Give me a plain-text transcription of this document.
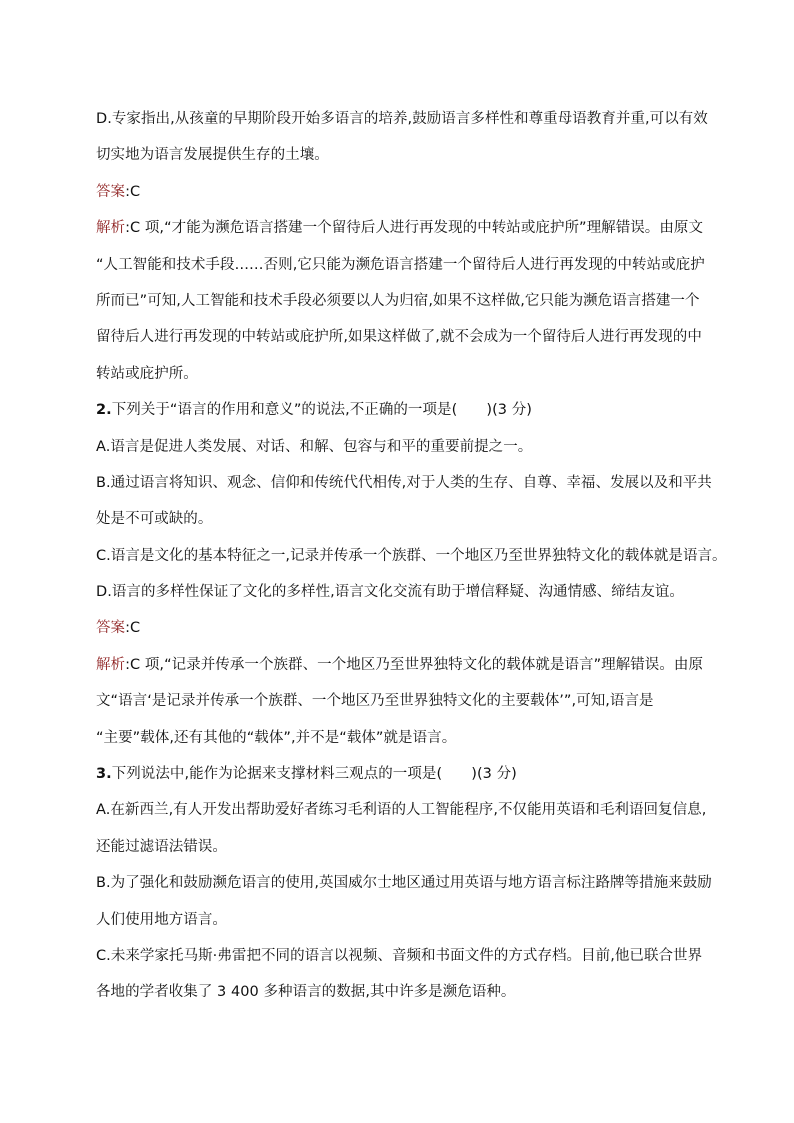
D.专家指出,从孩童的早期阶段开始多语言的培养,鼓励语言多样性和尊重母语教育并重,可以有效
切实地为语言发展提供生存的土壤。
答案:C
解析:C 项,“才能为濒危语言搭建一个留待后人进行再发现的中转站或庇护所”理解错误。由原文
“人工智能和技术手段……否则,它只能为濒危语言搭建一个留待后人进行再发现的中转站或庇护
所而已”可知,人工智能和技术手段必须要以人为归宿,如果不这样做,它只能为濒危语言搭建一个
留待后人进行再发现的中转站或庇护所,如果这样做了,就不会成为一个留待后人进行再发现的中
转站或庇护所。
2.下列关于“语言的作用和意义”的说法,不正确的一项是(　　)(3 分)
A.语言是促进人类发展、对话、和解、包容与和平的重要前提之一。
B.通过语言将知识、观念、信仰和传统代代相传,对于人类的生存、自尊、幸福、发展以及和平共
处是不可或缺的。
C.语言是文化的基本特征之一,记录并传承一个族群、一个地区乃至世界独特文化的载体就是语言。
D.语言的多样性保证了文化的多样性,语言文化交流有助于增信释疑、沟通情感、缔结友谊。
答案:C
解析:C 项,“记录并传承一个族群、一个地区乃至世界独特文化的载体就是语言”理解错误。由原
文“语言‘是记录并传承一个族群、一个地区乃至世界独特文化的主要载体’”,可知,语言是
“主要”载体,还有其他的“载体”,并不是“载体”就是语言。
3.下列说法中,能作为论据来支撑材料三观点的一项是(　　)(3 分)
A.在新西兰,有人开发出帮助爱好者练习毛利语的人工智能程序,不仅能用英语和毛利语回复信息,
还能过滤语法错误。
B.为了强化和鼓励濒危语言的使用,英国威尔士地区通过用英语与地方语言标注路牌等措施来鼓励
人们使用地方语言。
C.未来学家托马斯·弗雷把不同的语言以视频、音频和书面文件的方式存档。目前,他已联合世界
各地的学者收集了 3 400 多种语言的数据,其中许多是濒危语种。
